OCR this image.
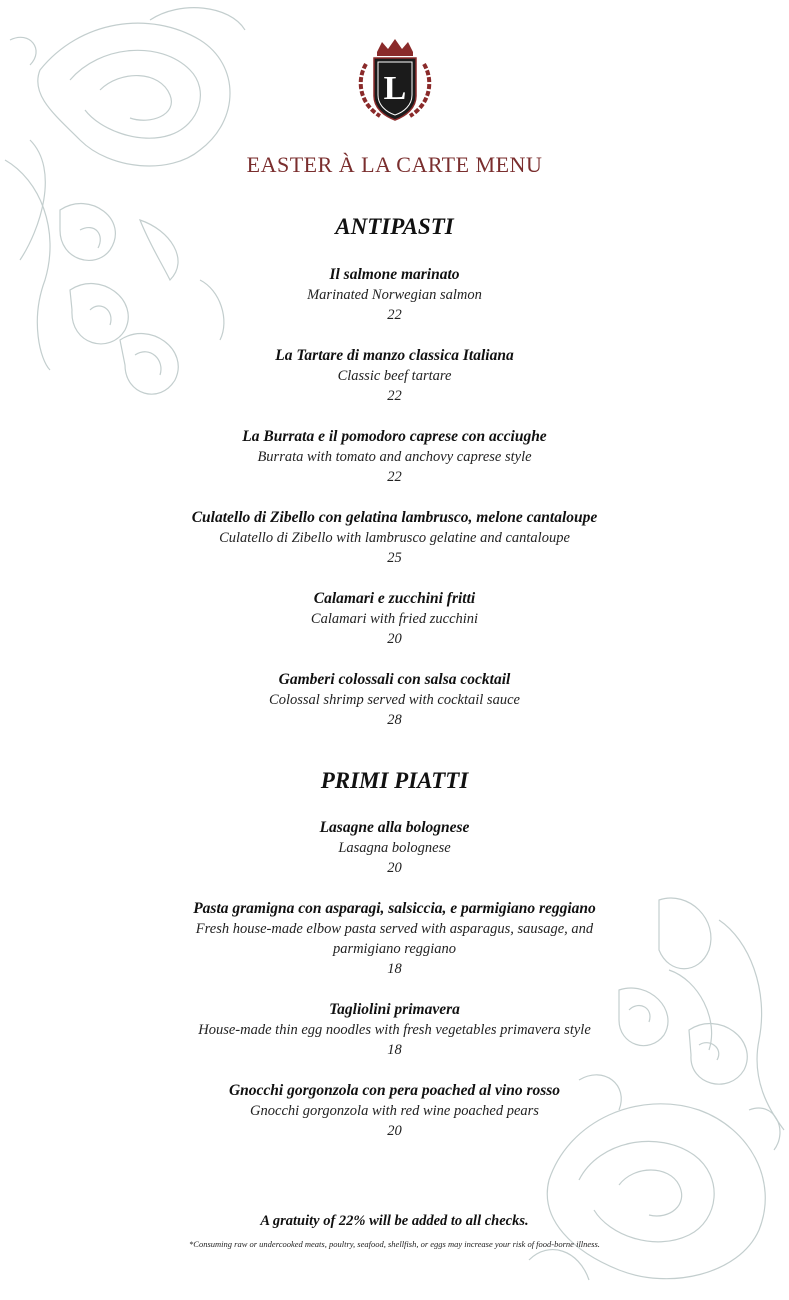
L
EASTER À LA CARTE MENU
ANTIPASTI
Il salmone marinato
Marinated Norwegian salmon
22
La Tartare di manzo classica Italiana
Classic beef tartare
22
La Burrata e il pomodoro caprese con acciughe
Burrata with tomato and anchovy caprese style
22
Culatello di Zibello con gelatina lambrusco, melone cantaloupe
Culatello di Zibello with lambrusco gelatine and cantaloupe
25
Calamari e zucchini fritti
Calamari with fried zucchini
20
Gamberi colossali con salsa cocktail
Colossal shrimp served with cocktail sauce
28
PRIMI PIATTI
Lasagne alla bolognese
Lasagna bolognese
20
Pasta gramigna con asparagi, salsiccia, e parmigiano reggiano
Fresh house-made elbow pasta served with asparagus, sausage, and parmigiano reggiano
18
Tagliolini primavera
House-made thin egg noodles with fresh vegetables primavera style
18
Gnocchi gorgonzola con pera poached al vino rosso
Gnocchi gorgonzola with red wine poached pears
20
A gratuity of 22% will be added to all checks.
*Consuming raw or undercooked meats, poultry, seafood, shellfish, or eggs may increase your risk of food-borne illness.
